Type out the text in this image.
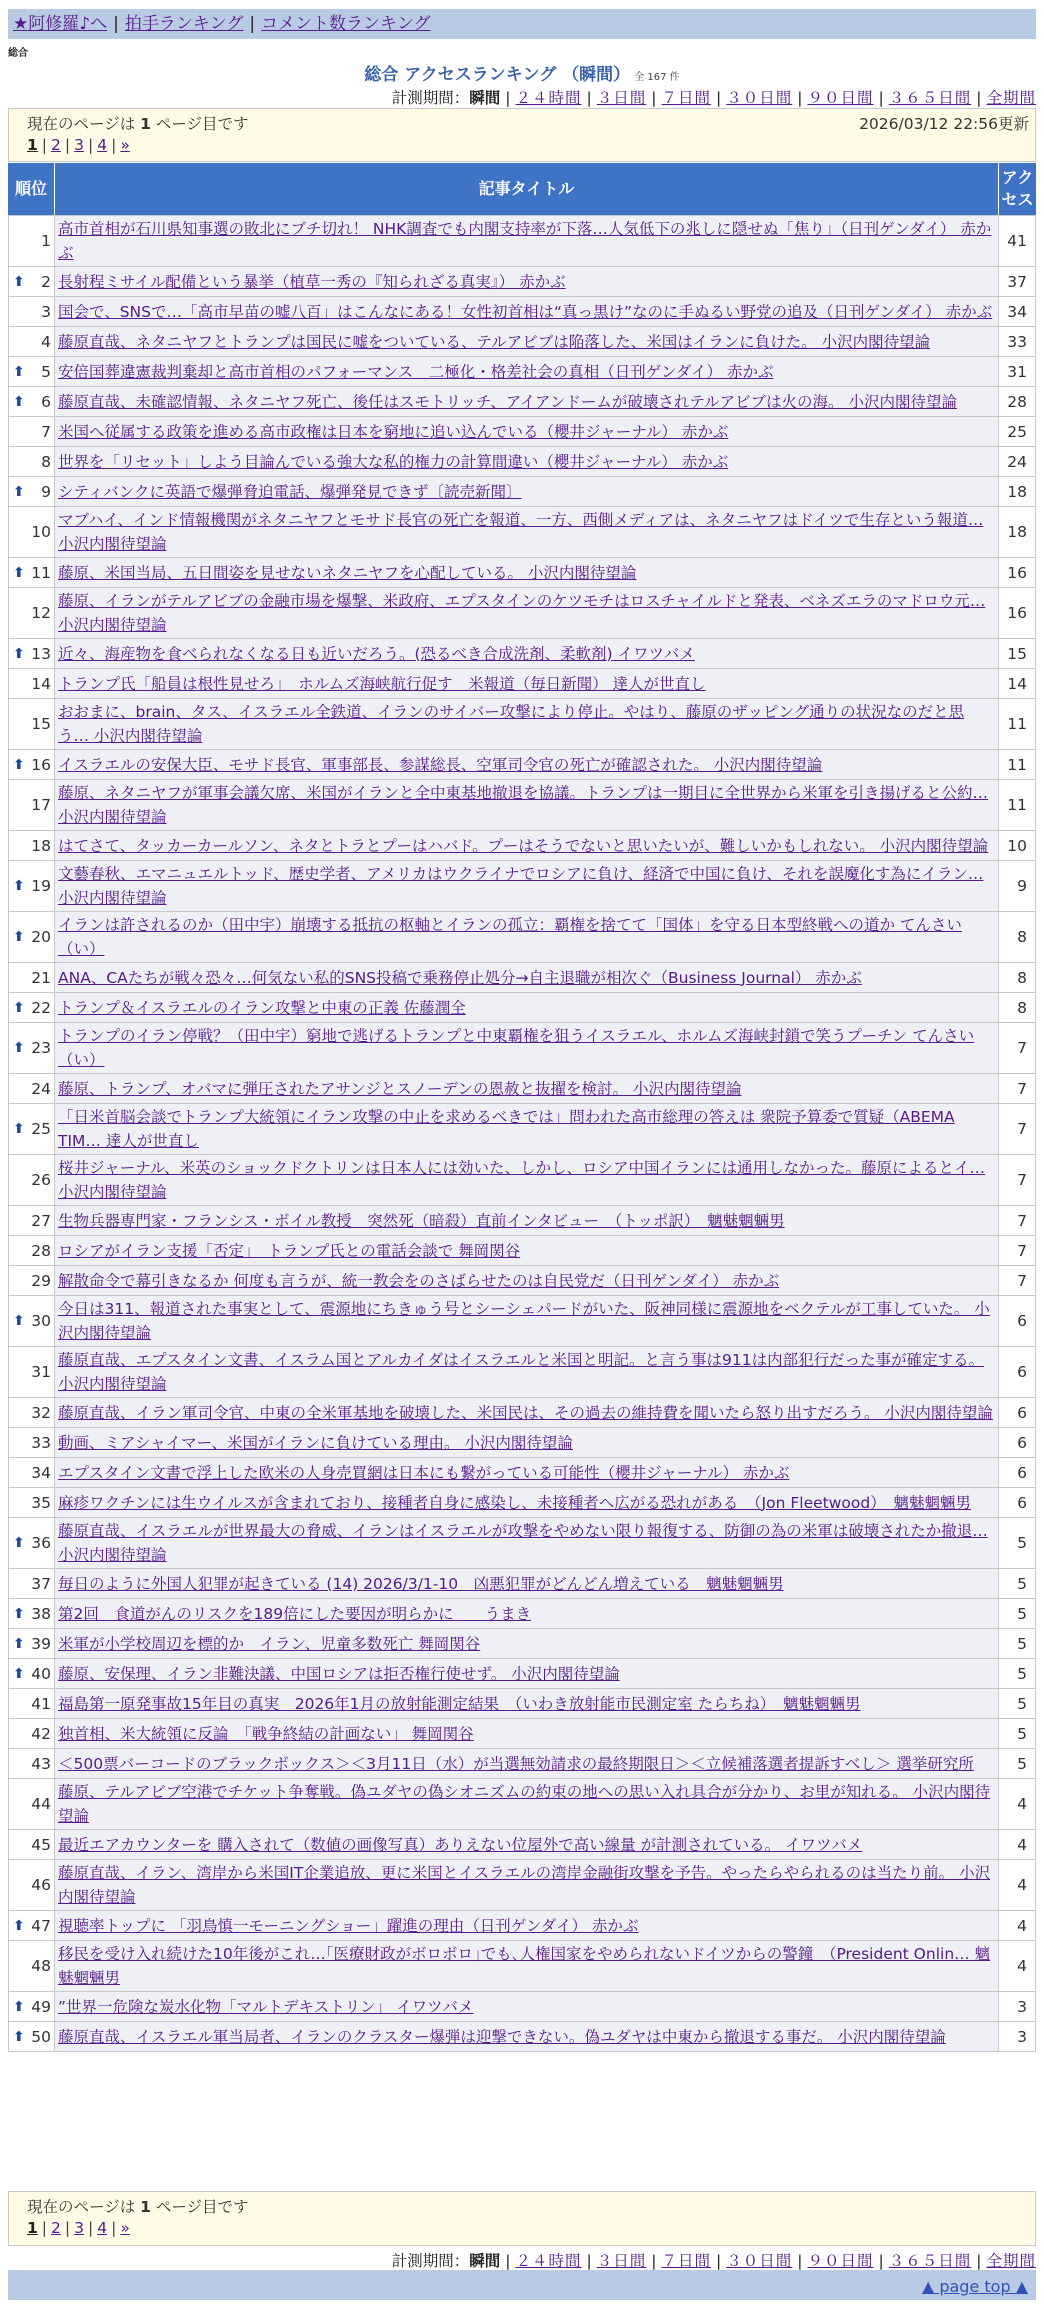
★阿修羅♪へ | 拍手ランキング | コメント数ランキング
総合
総合 アクセスランキング （瞬間） 全 167 件
計測期間：瞬間 | ２４時間 | ３日間 | ７日間 | ３０日間 | ９０日間 | ３６５日間 | 全期間
現在のページは 1 ページ目です	2026/03/12 22:56更新
1 | 2 | 3 | 4 | »
順位	記事タイトル	アクセス
1	高市首相が石川県知事選の敗北にブチ切れ！ NHK調査でも内閣支持率が下落…人気低下の兆しに隠せぬ「焦り」（日刊ゲンダイ） 赤かぶ	41

⬆ 2	長射程ミサイル配備という暴挙（植草一秀の『知られざる真実』） 赤かぶ	37
3	国会で、SNSで…「高市早苗の嘘八百」はこんなにある！女性初首相は“真っ黒け”なのに手ぬるい野党の追及（日刊ゲンダイ） 赤かぶ	34
4	藤原直哉、ネタニヤフとトランプは国民に嘘をついている、テルアビブは陥落した、米国はイランに負けた。 小沢内閣待望論	33

⬆ 5	安倍国葬違憲裁判棄却と高市首相のパフォーマンス　二極化・格差社会の真相（日刊ゲンダイ） 赤かぶ	31

⬆ 6	藤原直哉、未確認情報、ネタニヤフ死亡、後任はスモトリッチ、アイアンドームが破壊されテルアビブは火の海。 小沢内閣待望論	28
7	米国へ従属する政策を進める高市政権は日本を窮地に追い込んでいる（櫻井ジャーナル） 赤かぶ	25
8	世界を「リセット」しよう目論んでいる強大な私的権力の計算間違い（櫻井ジャーナル） 赤かぶ	24

⬆ 9	シティバンクに英語で爆弾脅迫電話、爆弾発見できず〔読売新聞〕	18
10	マブハイ、インド情報機関がネタニヤフとモサド長官の死亡を報道、一方、西側メディアは、ネタニヤフはドイツで生存という報道… 小沢内閣待望論	18

⬆ 11	藤原、米国当局、五日間姿を見せないネタニヤフを心配している。 小沢内閣待望論	16
12	藤原、イランがテルアビブの金融市場を爆撃、米政府、エプスタインのケツモチはロスチャイルドと発表、ベネズエラのマドロウ元… 小沢内閣待望論	16

⬆ 13	近々、海産物を食べられなくなる日も近いだろう。(恐るべき合成洗剤、柔軟剤) イワツバメ	15
14	トランプ氏「船員は根性見せろ」　ホルムズ海峡航行促す　米報道（毎日新聞） 達人が世直し	14
15	おおまに、brain、タス、イスラエル全鉄道、イランのサイバー攻撃により停止。やはり、藤原のザッピング通りの状況なのだと思う… 小沢内閣待望論	11

⬆ 16	イスラエルの安保大臣、モサド長官、軍事部長、参謀総長、空軍司令官の死亡が確認された。 小沢内閣待望論	11
17	藤原、ネタニヤフが軍事会議欠席、米国がイランと全中東基地撤退を協議。トランプは一期目に全世界から米軍を引き揚げると公約… 小沢内閣待望論	11
18	はてさて、タッカーカールソン、ネタとトラとプーはハバド。プーはそうでないと思いたいが、難しいかもしれない。 小沢内閣待望論	10

⬆ 19	文藝春秋、エマニュエルトッド、歴史学者、アメリカはウクライナでロシアに負け、経済で中国に負け、それを誤魔化す為にイラン… 小沢内閣待望論	9

⬆ 20	イランは許されるのか（田中宇）崩壊する抵抗の枢軸とイランの孤立：覇権を捨てて「国体」を守る日本型終戦への道か てんさい（い）	8
21	ANA、CAたちが戦々恐々…何気ない私的SNS投稿で乗務停止処分→自主退職が相次ぐ（Business Journal） 赤かぶ	8

⬆ 22	トランプ＆イスラエルのイラン攻撃と中東の正義 佐藤潤全	8

⬆ 23	トランプのイラン停戦？（田中宇）窮地で逃げるトランプと中東覇権を狙うイスラエル、ホルムズ海峡封鎖で笑うプーチン てんさい（い）	7
24	藤原、トランプ、オバマに弾圧されたアサンジとスノーデンの恩赦と抜擢を検討。 小沢内閣待望論	7

⬆ 25	「日米首脳会談でトランプ大統領にイラン攻撃の中止を求めるべきでは」問われた高市総理の答えは 衆院予算委で質疑（ABEMA TIM… 達人が世直し	7
26	桜井ジャーナル、米英のショックドクトリンは日本人には効いた、しかし、ロシア中国イランには通用しなかった。藤原によるとイ… 小沢内閣待望論	7
27	生物兵器専門家・フランシス・ボイル教授　突然死（暗殺）直前インタビュー　（トッポ訳）　魑魅魍魎男	7
28	ロシアがイラン支援「否定」　トランプ氏との電話会談で 舞岡関谷	7
29	解散命令で幕引きなるか 何度も言うが、統一教会をのさばらせたのは自民党だ（日刊ゲンダイ） 赤かぶ	7

⬆ 30	今日は311、報道された事実として、震源地にちきゅう号とシーシェパードがいた、阪神同様に震源地をベクテルが工事していた。 小沢内閣待望論	6
31	藤原直哉、エプスタイン文書、イスラム国とアルカイダはイスラエルと米国と明記。と言う事は911は内部犯行だった事が確定する。 小沢内閣待望論	6
32	藤原直哉、イラン軍司令官、中東の全米軍基地を破壊した、米国民は、その過去の維持費を聞いたら怒り出すだろう。 小沢内閣待望論	6
33	動画、ミアシャイマー、米国がイランに負けている理由。 小沢内閣待望論	6
34	エプスタイン文書で浮上した欧米の人身売買網は日本にも繋がっている可能性（櫻井ジャーナル） 赤かぶ	6
35	麻疹ワクチンには生ウイルスが含まれており、接種者自身に感染し、未接種者へ広がる恐れがある　（Jon Fleetwood）　魑魅魍魎男	6

⬆ 36	藤原直哉、イスラエルが世界最大の脅威、イランはイスラエルが攻撃をやめない限り報復する、防御の為の米軍は破壊されたか撤退… 小沢内閣待望論	5
37	毎日のように外国人犯罪が起きている (14) 2026/3/1-10　凶悪犯罪がどんどん増えている　魑魅魍魎男	5

⬆ 38	第2回　食道がんのリスクを189倍にした要因が明らかに　　うまき	5

⬆ 39	米軍が小学校周辺を標的か　イラン、児童多数死亡 舞岡関谷	5

⬆ 40	藤原、安保理、イラン非難決議、中国ロシアは拒否権行使せず。 小沢内閣待望論	5
41	福島第一原発事故15年目の真実　2026年1月の放射能測定結果　（いわき放射能市民測定室 たらちね）　魑魅魍魎男	5
42	独首相、米大統領に反論　「戦争終結の計画ない」 舞岡関谷	5
43	＜500票バーコードのブラックボックス＞＜3月11日（水）が当選無効請求の最終期限日＞＜立候補落選者提訴すべし＞ 選挙研究所	5
44	藤原、テルアビブ空港でチケット争奪戦。偽ユダヤの偽シオニズムの約束の地への思い入れ具合が分かり、お里が知れる。 小沢内閣待望論	4
45	最近エアカウンターを 購入されて（数値の画像写真）ありえない位屋外で高い線量 が計測されている。 イワツバメ	4
46	藤原直哉、イラン、湾岸から米国IT企業追放、更に米国とイスラエルの湾岸金融街攻撃を予告。やったらやられるのは当たり前。 小沢内閣待望論	4

⬆ 47	視聴率トップに 「羽鳥慎一モーニングショー」躍進の理由（日刊ゲンダイ） 赤かぶ	4
48	移民を受け入れ続けた10年後がこれ…｢医療財政がボロボロ｣でも､人権国家をやめられないドイツからの警鐘　（President Onlin… 魑魅魍魎男	4

⬆ 49	”世界一危険な炭水化物「マルトデキストリン」 イワツバメ	3

⬆ 50	藤原直哉、イスラエル軍当局者、イランのクラスター爆弾は迎撃できない。偽ユダヤは中東から撤退する事だ。 小沢内閣待望論	3
現在のページは 1 ページ目です
1 | 2 | 3 | 4 | »
計測期間：瞬間 | ２４時間 | ３日間 | ７日間 | ３０日間 | ９０日間 | ３６５日間 | 全期間
▲ page top ▲
